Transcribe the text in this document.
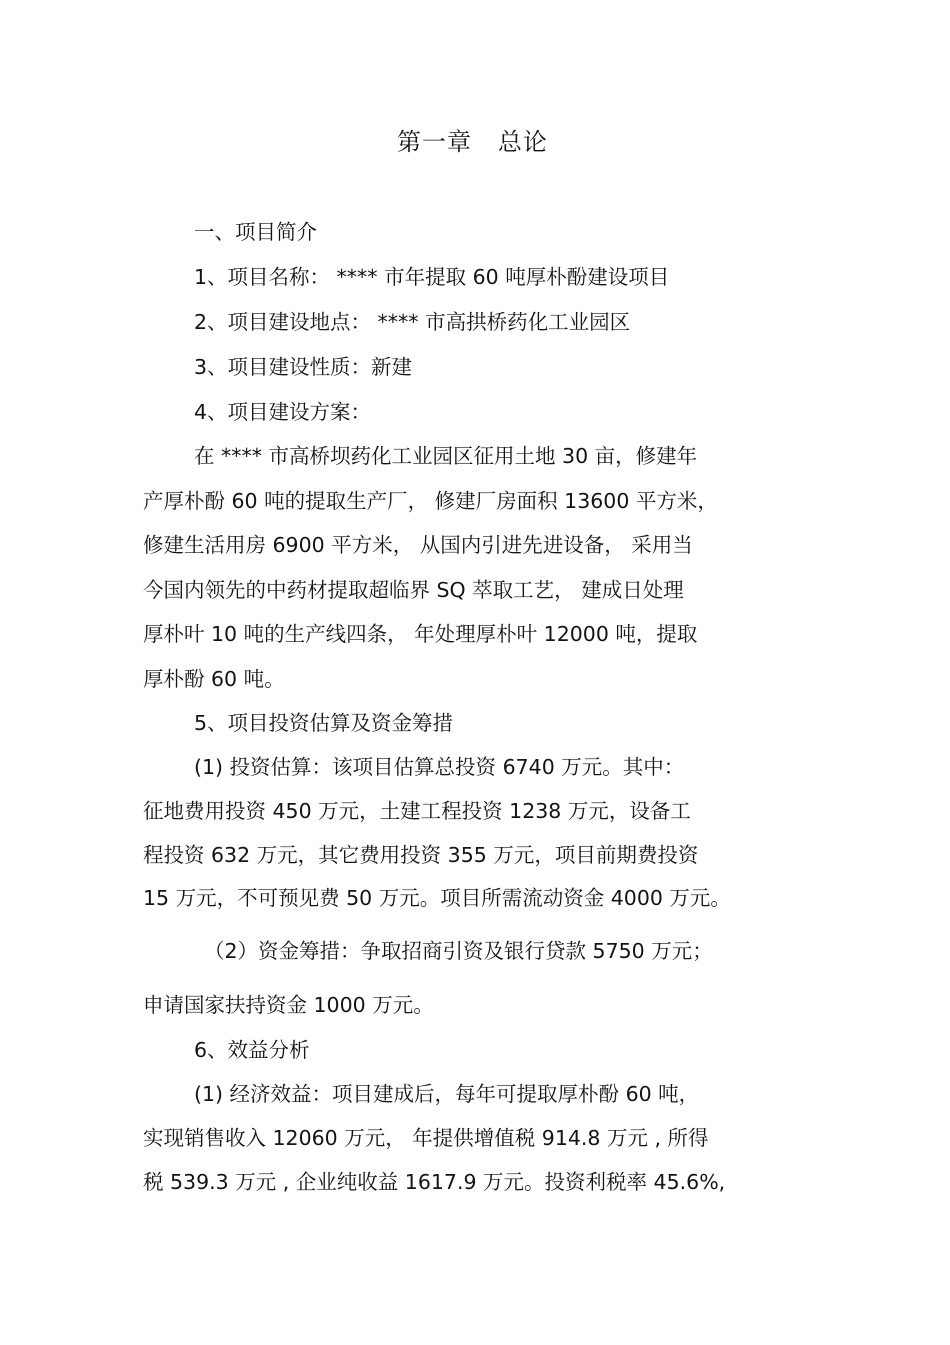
第一章   总论
一、项目简介
1、项目名称： **** 市年提取 60 吨厚朴酚建设项目
2、项目建设地点： **** 市高拱桥药化工业园区
3、项目建设性质：新建
4、项目建设方案：
在 **** 市高桥坝药化工业园区征用土地 30 亩，修建年
产厚朴酚 60 吨的提取生产厂， 修建厂房面积 13600 平方米，
修建生活用房 6900 平方米， 从国内引进先进设备， 采用当
今国内领先的中药材提取超临界 SQ 萃取工艺， 建成日处理
厚朴叶 10 吨的生产线四条， 年处理厚朴叶 12000 吨，提取
厚朴酚 60 吨。
5、项目投资估算及资金筹措
(1) 投资估算：该项目估算总投资 6740 万元。其中：
征地费用投资 450 万元，土建工程投资 1238 万元，设备工
程投资 632 万元，其它费用投资 355 万元，项目前期费投资
15 万元，不可预见费 50 万元。项目所需流动资金 4000 万元。
（2）资金筹措：争取招商引资及银行贷款 5750 万元；
申请国家扶持资金 1000 万元。
6、效益分析
(1) 经济效益：项目建成后，每年可提取厚朴酚 60 吨，
实现销售收入 12060 万元， 年提供增值税 914.8 万元 , 所得
税 539.3 万元 , 企业纯收益 1617.9 万元。投资利税率 45.6%,
